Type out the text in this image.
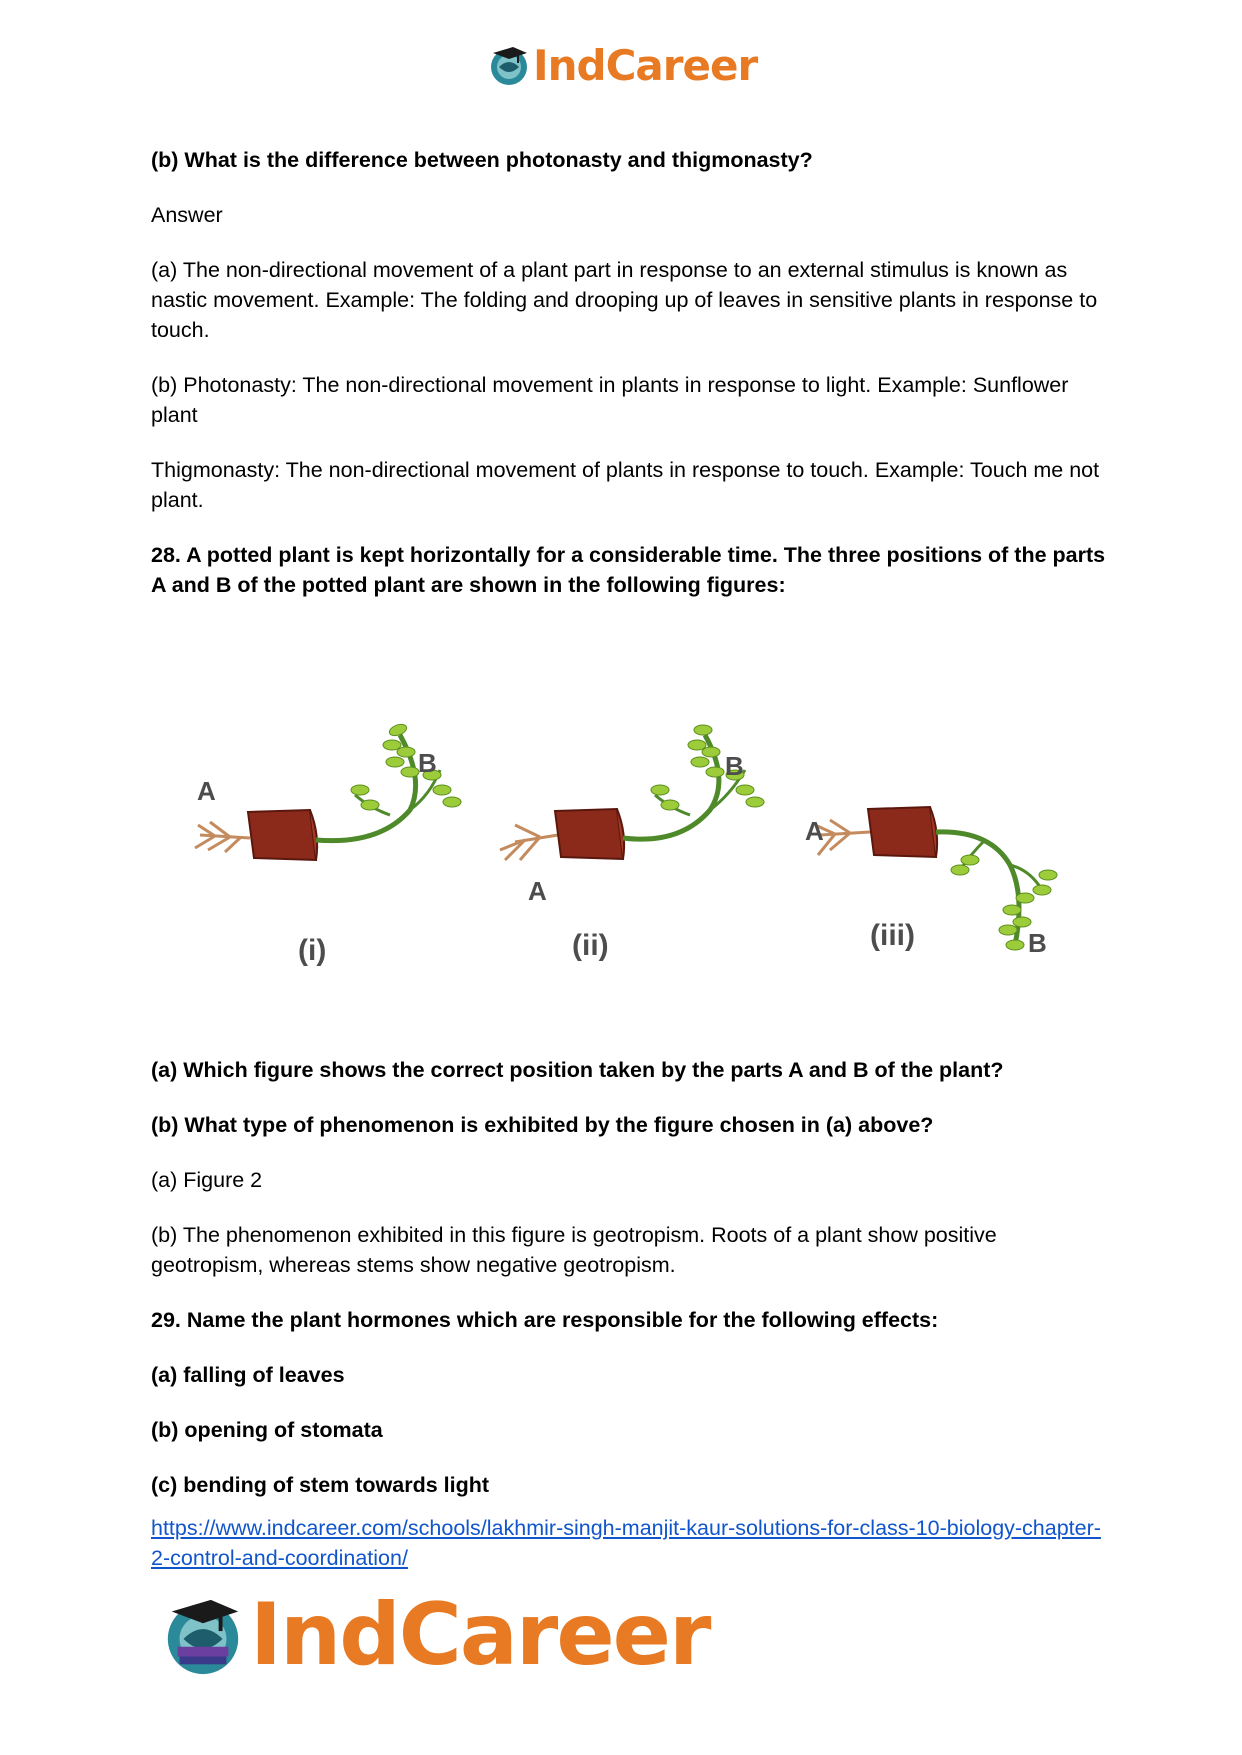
IndCareer

(b) What is the difference between photonasty and thigmonasty?

Answer

(a) The non-directional movement of a plant part in response to an external stimulus is known as nastic movement. Example: The folding and drooping up of leaves in sensitive plants in response to touch.

(b) Photonasty: The non-directional movement in plants in response to light. Example: Sunflower plant

Thigmonasty: The non-directional movement of plants in response to touch. Example: Touch me not plant.

28. A potted plant is kept horizontally for a considerable time. The three positions of the parts A and B of the potted plant are shown in the following figures:

A
B
(i)
A
B
(ii)
A
B
(iii)

(a) Which figure shows the correct position taken by the parts A and B of the plant?

(b) What type of phenomenon is exhibited by the figure chosen in (a) above?

(a) Figure 2

(b) The phenomenon exhibited in this figure is geotropism. Roots of a plant show positive geotropism, whereas stems show negative geotropism.

29. Name the plant hormones which are responsible for the following effects:

(a) falling of leaves

(b) opening of stomata

(c) bending of stem towards light

https://www.indcareer.com/schools/lakhmir-singh-manjit-kaur-solutions-for-class-10-biology-chapter-2-control-and-coordination/
IndCareer
